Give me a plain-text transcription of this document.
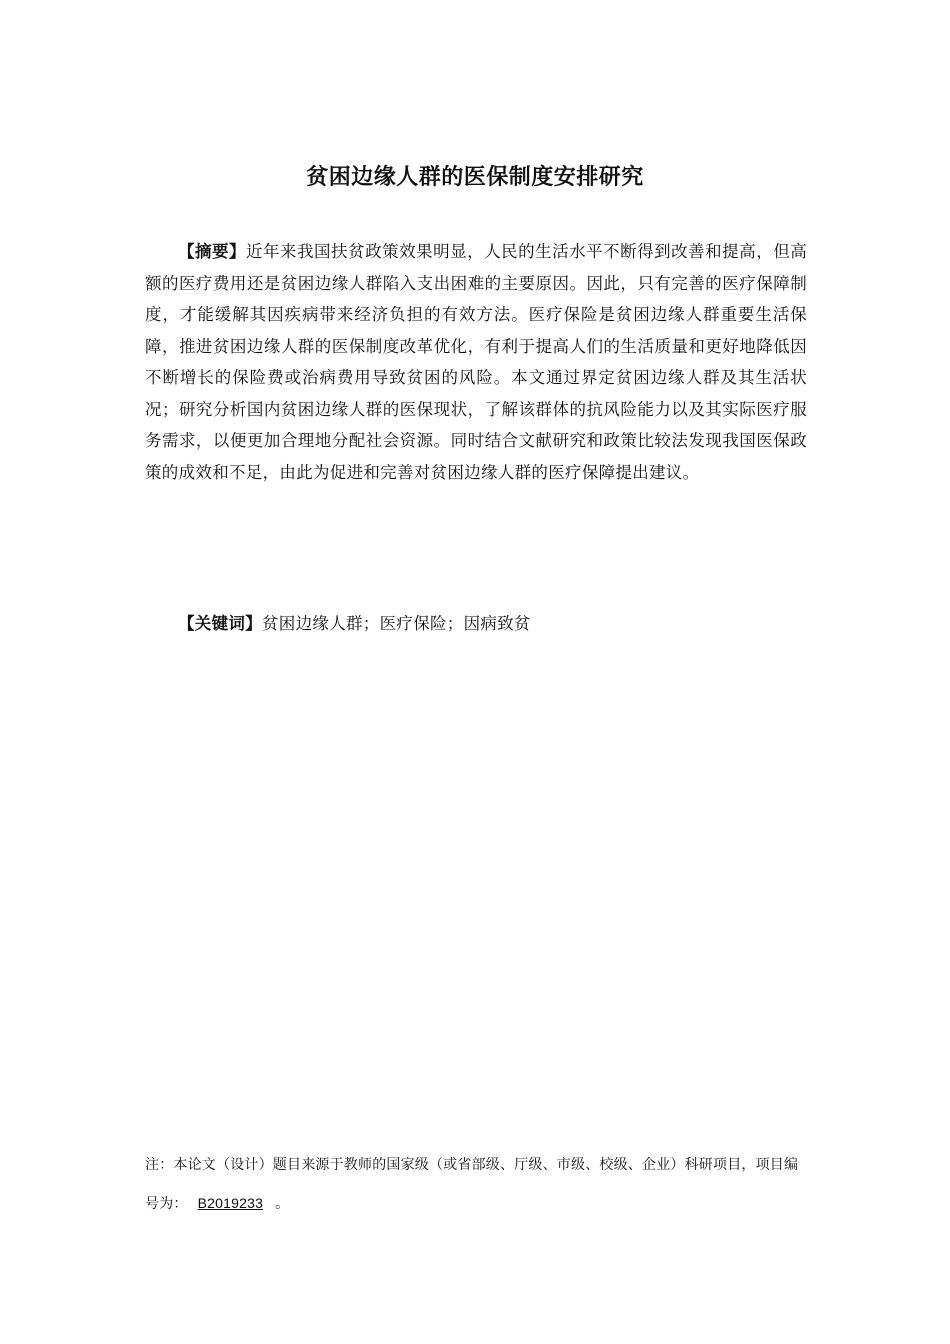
贫困边缘人群的医保制度安排研究
【摘要】近年来我国扶贫政策效果明显，人民的生活水平不断得到改善和提高，但高额的医疗费用还是贫困边缘人群陷入支出困难的主要原因。因此，只有完善的医疗保障制度，才能缓解其因疾病带来经济负担的有效方法。医疗保险是贫困边缘人群重要生活保障，推进贫困边缘人群的医保制度改革优化，有利于提高人们的生活质量和更好地降低因不断增长的保险费或治病费用导致贫困的风险。本文通过界定贫困边缘人群及其生活状况；研究分析国内贫困边缘人群的医保现状，了解该群体的抗风险能力以及其实际医疗服务需求，以便更加合理地分配社会资源。同时结合文献研究和政策比较法发现我国医保政策的成效和不足，由此为促进和完善对贫困边缘人群的医疗保障提出建议。
【关键词】贫困边缘人群；医疗保险；因病致贫
注：本论文（设计）题目来源于教师的国家级（或省部级、厅级、市级、校级、企业）科研项目，项目编号为： B2019233 。
